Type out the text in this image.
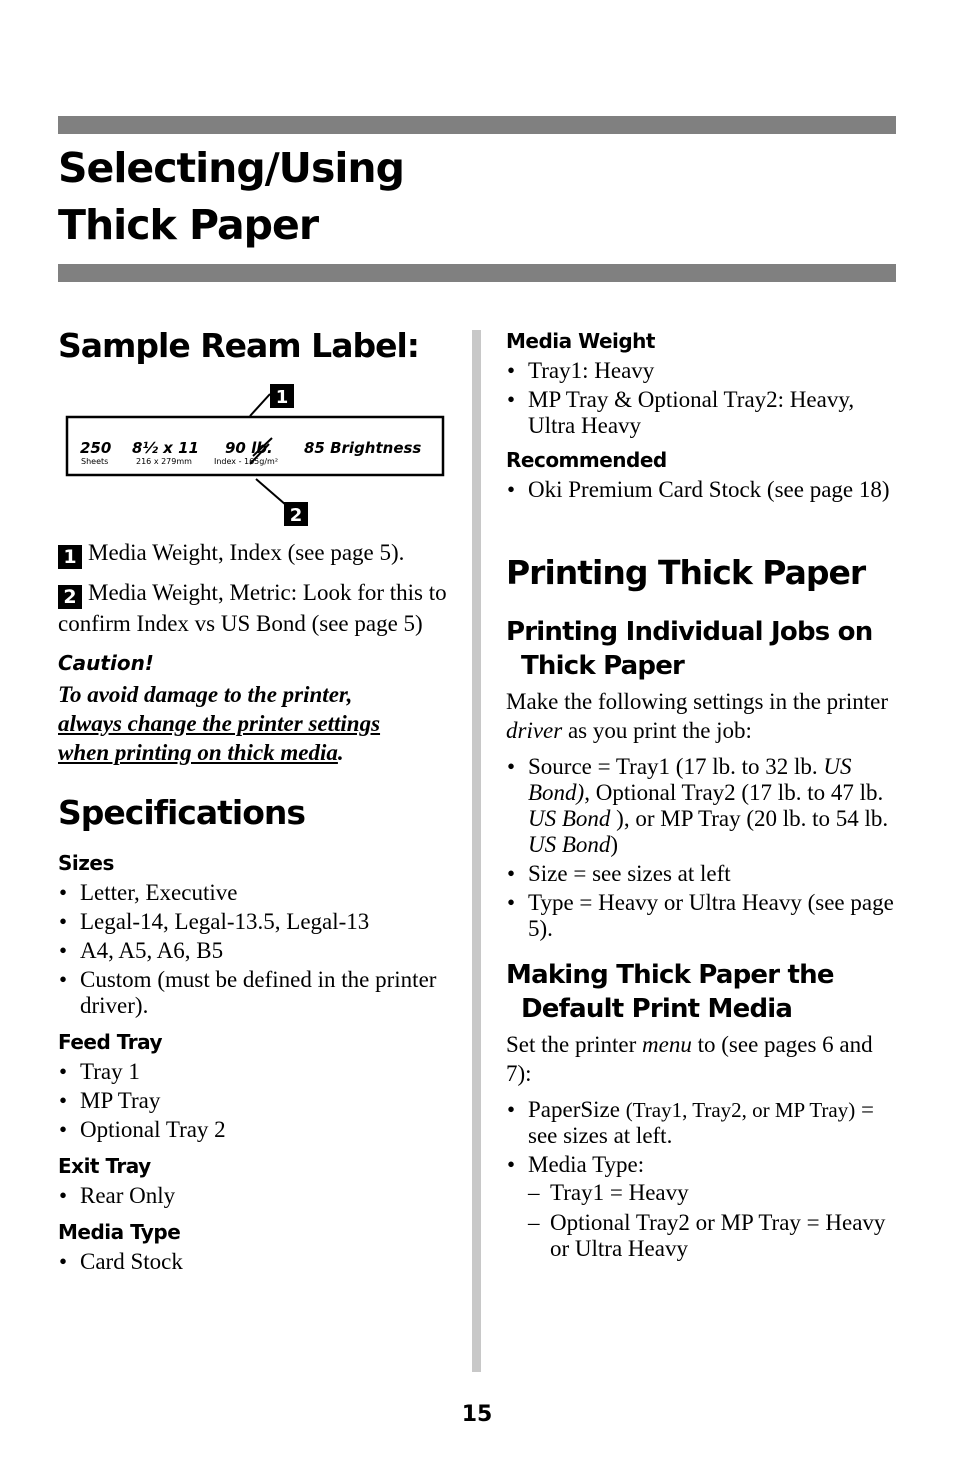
Selecting/Using
Thick Paper
Sample Ream Label:
1
2
250
Sheets
8½ x 11
216 x 279mm
90 lb.
Index - 165g/m²
85 Brightness

1 Media Weight, Index (see page 5).

2 Media Weight, Metric: Look for this to confirm Index vs US Bond (see page 5)

Caution!

To avoid damage to the printer,
always change the printer settings
when printing on thick media.

Specifications
Sizes
• Letter, Executive
• Legal-14, Legal-13.5, Legal-13
• A4, A5, A6, B5
• Custom (must be defined in the printer driver).
Feed Tray
• Tray 1
• MP Tray
• Optional Tray 2
Exit Tray
• Rear Only
Media Type
• Card Stock
Media Weight
• Tray1: Heavy
• MP Tray & Optional Tray2: Heavy, Ultra Heavy
Recommended
• Oki Premium Card Stock (see page 18)
Printing Thick Paper
Printing Individual Jobs on Thick Paper

Make the following settings in the printer driver as you print the job:

• Source = Tray1 (17 lb. to 32 lb. US Bond), Optional Tray2 (17 lb. to 47 lb. US Bond ), or MP Tray (20 lb. to 54 lb. US Bond)
• Size = see sizes at left
• Type = Heavy or Ultra Heavy (see page 5).
Making Thick Paper the Default Print Media

Set the printer menu to (see pages 6 and 7):

• PaperSize (Tray1, Tray2, or MP Tray) = see sizes at left.
• Media Type:
– Tray1 = Heavy
– Optional Tray2 or MP Tray = Heavy or Ultra Heavy
15
